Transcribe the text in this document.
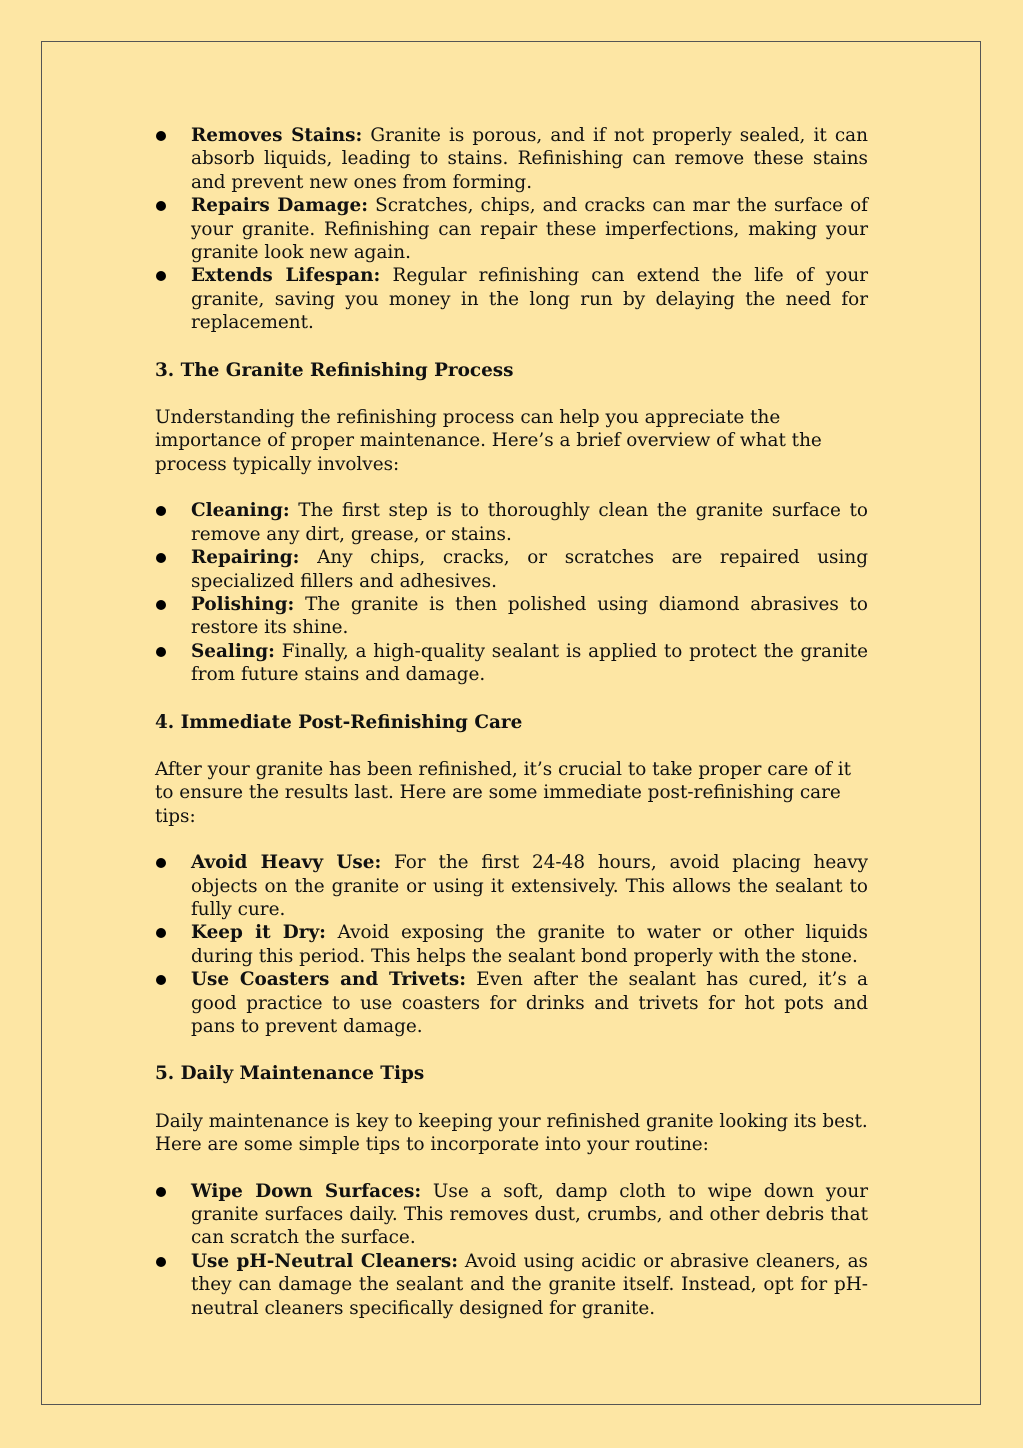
Removes Stains: Granite is porous, and if not properly sealed, it can absorb liquids, leading to stains. Refinishing can remove these stains and prevent new ones from forming.
Repairs Damage: Scratches, chips, and cracks can mar the surface of your granite. Refinishing can repair these imperfections, making your granite look new again.
Extends Lifespan: Regular refinishing can extend the life of your granite, saving you money in the long run by delaying the need for replacement.
3. The Granite Refinishing Process

Understanding the refinishing process can help you appreciate the importance of proper maintenance. Here’s a brief overview of what the process typically involves:

Cleaning: The first step is to thoroughly clean the granite surface to remove any dirt, grease, or stains.
Repairing: Any chips, cracks, or scratches are repaired using specialized fillers and adhesives.
Polishing: The granite is then polished using diamond abrasives to restore its shine.
Sealing: Finally, a high-quality sealant is applied to protect the granite from future stains and damage.
4. Immediate Post-Refinishing Care

After your granite has been refinished, it’s crucial to take proper care of it to ensure the results last. Here are some immediate post-refinishing care tips:

Avoid Heavy Use: For the first 24-48 hours, avoid placing heavy objects on the granite or using it extensively. This allows the sealant to fully cure.
Keep it Dry: Avoid exposing the granite to water or other liquids during this period. This helps the sealant bond properly with the stone.
Use Coasters and Trivets: Even after the sealant has cured, it’s a good practice to use coasters for drinks and trivets for hot pots and pans to prevent damage.
5. Daily Maintenance Tips

Daily maintenance is key to keeping your refinished granite looking its best. Here are some simple tips to incorporate into your routine:

Wipe Down Surfaces: Use a soft, damp cloth to wipe down your granite surfaces daily. This removes dust, crumbs, and other debris that can scratch the surface.
Use pH-Neutral Cleaners: Avoid using acidic or abrasive cleaners, as they can damage the sealant and the granite itself. Instead, opt for pH-neutral cleaners specifically designed for granite.
